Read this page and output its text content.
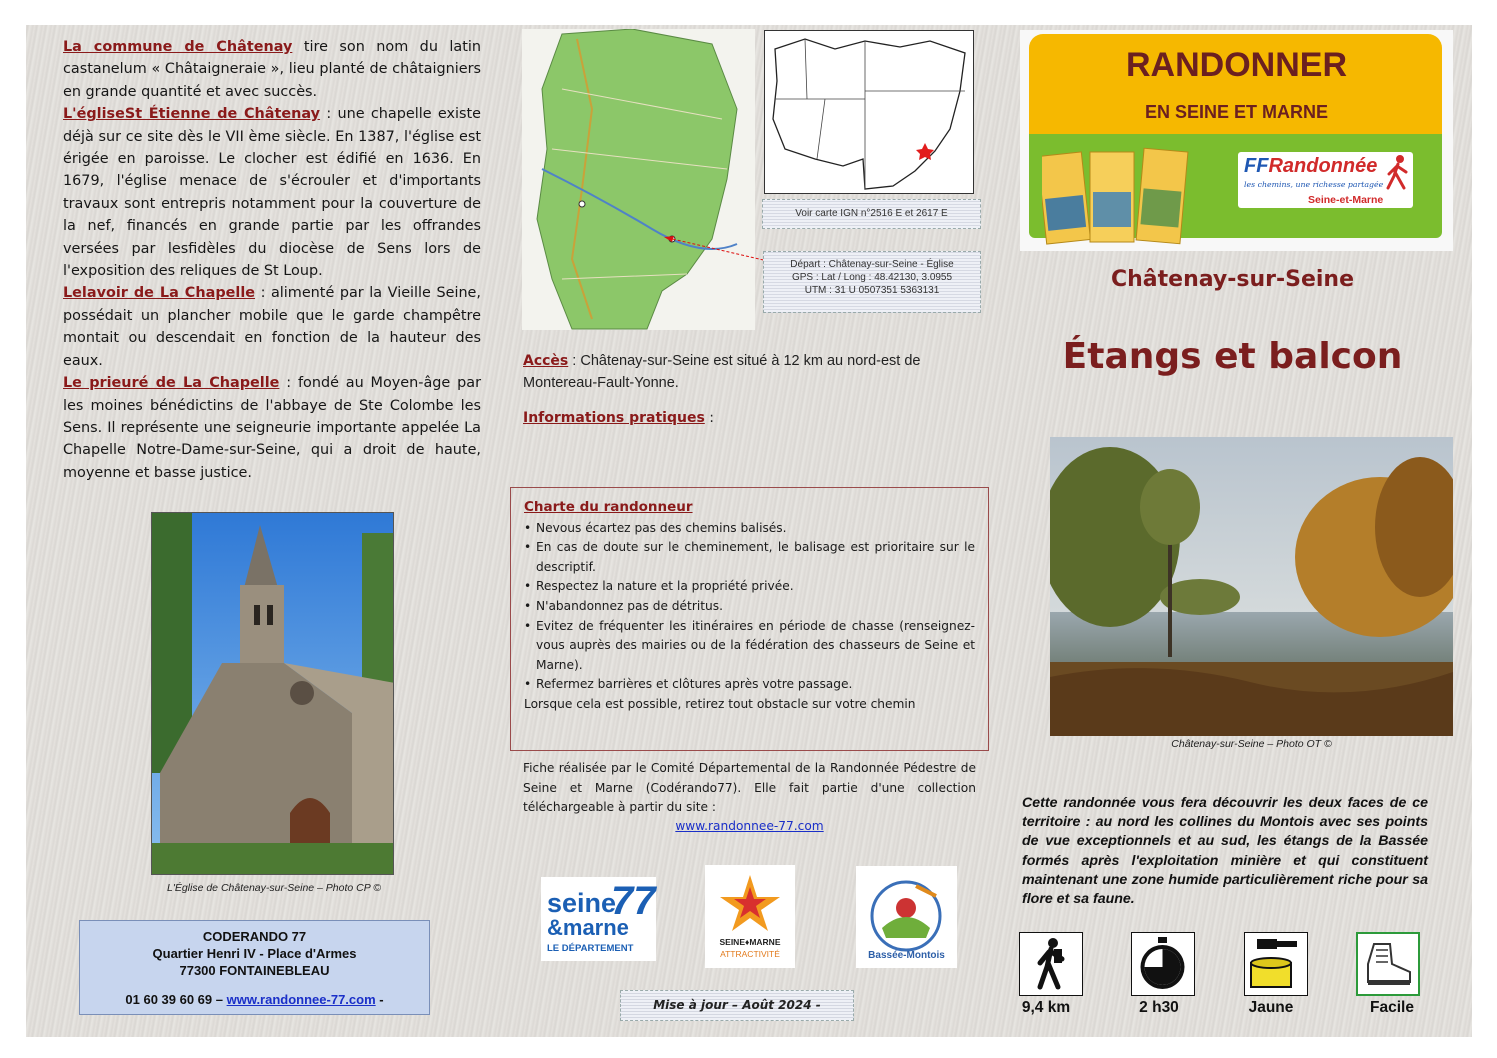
La commune de Châtenay tire son nom du latin castanelum « Châtaigneraie », lieu planté de châtaigniers en grande quantité et avec succès.

L'égliseSt Étienne de Châtenay : une chapelle existe déjà sur ce site dès le VII ème siècle. En 1387, l'église est érigée en paroisse. Le clocher est édifié en 1636. En 1679, l'église menace de s'écrouler et d'importants travaux sont entrepris notamment pour la couverture de la nef, financés en grande partie par les offrandes versées par lesfidèles du diocèse de Sens lors de l'exposition des reliques de St Loup.

Lelavoir de La Chapelle : alimenté par la Vieille Seine, possédait un plancher mobile que le garde champêtre montait ou descendait en fonction de la hauteur des eaux.

Le prieuré de La Chapelle : fondé au Moyen-âge par les moines bénédictins de l'abbaye de Ste Colombe les Sens. Il représente une seigneurie importante appelée La Chapelle Notre-Dame-sur-Seine, qui a droit de haute, moyenne et basse justice.

L'Église de Châtenay-sur-Seine – Photo CP ©
CODERANDO 77
Quartier Henri IV - Place d'Armes
77300 FONTAINEBLEAU
01 60 39 60 69 – www.randonnee-77.com -
Voir carte IGN n°2516 E et 2617 E
Départ : Châtenay-sur-Seine - Église
GPS : Lat / Long : 48.42130, 3.0955
UTM : 31 U 0507351 5363131
Accès : Châtenay-sur-Seine est situé à 12 km au nord-est de Montereau-Fault-Yonne.
Informations pratiques :
Charte du randonneur
• Nevous écartez pas des chemins balisés.
• En cas de doute sur le cheminement, le balisage est prioritaire sur le descriptif.
• Respectez la nature et la propriété privée.
• N'abandonnez pas de détritus.
• Evitez de fréquenter les itinéraires en période de chasse (renseignez-vous auprès des mairies ou de la fédération des chasseurs de Seine et Marne).
• Refermez barrières et clôtures après votre passage.
Lorsque cela est possible, retirez tout obstacle sur votre chemin
Fiche réalisée par le Comité Départemental de la Randonnée Pédestre de Seine et Marne (Codérando77). Elle fait partie d'une collection téléchargeable à partir du site :
www.randonnee-77.com
seine
&marne
77
LE DÉPARTEMENT
SEINE♦MARNE
ATTRACTIVITÉ	Bassée-Montois
Mise à jour – Août 2024 -
RANDONNER
EN SEINE ET MARNE
FFRandonnée
les chemins, une richesse partagée
Seine-et-Marne
Châtenay-sur-Seine
Étangs et balcon
Châtenay-sur-Seine – Photo OT ©
Cette randonnée vous fera découvrir les deux faces de ce territoire : au nord les collines du Montois avec ses points de vue exceptionnels et au sud, les étangs de la Bassée formés après l'exploitation minière et qui constituent maintenant une zone humide particulièrement riche pour sa flore et sa faune.
9,4 km	2 h30	Jaune	Facile
